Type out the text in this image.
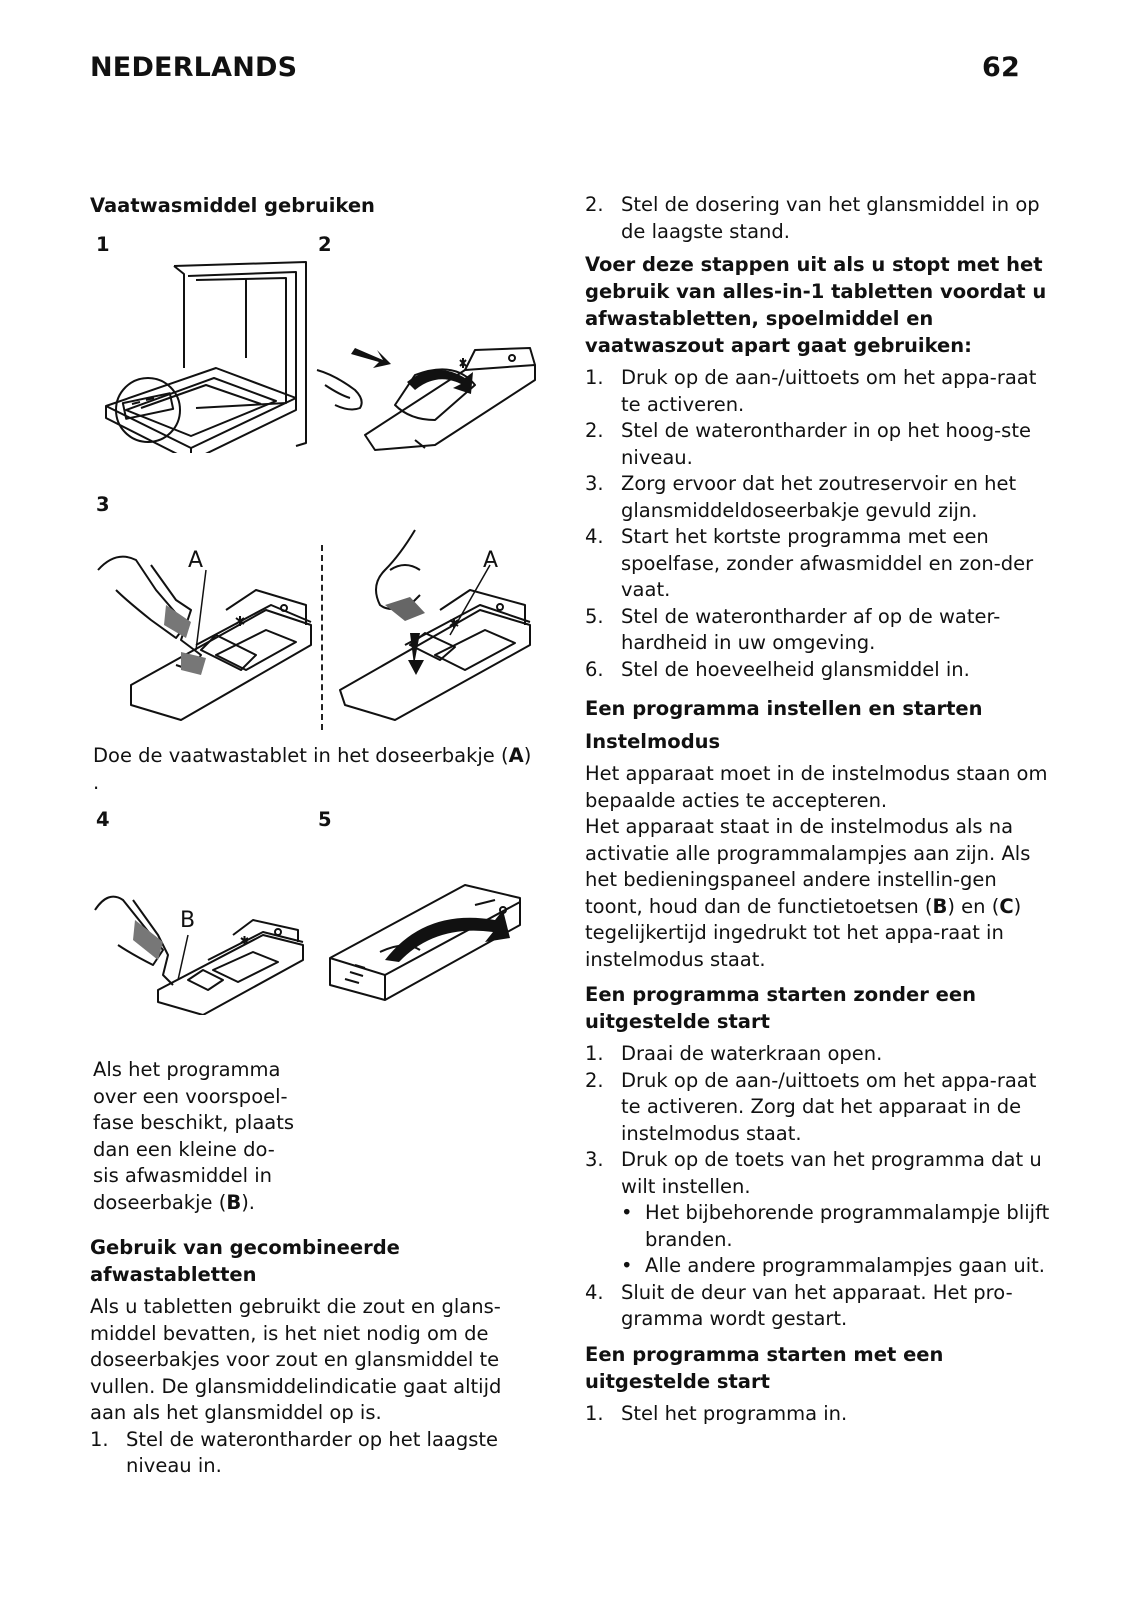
NEDERLANDS	62
Vaatwasmiddel gebruiken
1	2
3
A	A
Doe de vaatwastablet in het doseerbakje (A) .
4	5
B
Als het programma
over een voorspoel-
fase beschikt, plaats
dan een kleine do-
sis afwasmiddel in
doseerbakje (B).
Gebruik van gecombineerde afwastabletten
Als u tabletten gebruikt die zout en glans-middel bevatten, is het niet nodig om de doseerbakjes voor zout en glansmiddel te vullen. De glansmiddelindicatie gaat altijd aan als het glansmiddel op is.
1. Stel de waterontharder op het laagste niveau in.
2. Stel de dosering van het glansmiddel in op de laagste stand.
Voer deze stappen uit als u stopt met het gebruik van alles-in-1 tabletten voordat u afwastabletten, spoelmiddel en vaatwaszout apart gaat gebruiken:
1. Druk op de aan-/uittoets om het appa-raat te activeren.
2. Stel de waterontharder in op het hoog-ste niveau.
3. Zorg ervoor dat het zoutreservoir en het glansmiddeldoseerbakje gevuld zijn.
4. Start het kortste programma met een spoelfase, zonder afwasmiddel en zon-der vaat.
5. Stel de waterontharder af op de water-hardheid in uw omgeving.
6. Stel de hoeveelheid glansmiddel in.
Een programma instellen en starten
Instelmodus
Het apparaat moet in de instelmodus staan om bepaalde acties te accepteren.
Het apparaat staat in de instelmodus als na activatie alle programmalampjes aan zijn. Als het bedieningspaneel andere instellin-gen toont, houd dan de functietoetsen (B) en (C) tegelijkertijd ingedrukt tot het appa-raat in instelmodus staat.
Een programma starten zonder een uitgestelde start
1. Draai de waterkraan open.
2. Druk op de aan-/uittoets om het appa-raat te activeren. Zorg dat het apparaat in de instelmodus staat.
3. Druk op de toets van het programma dat u wilt instellen.
• Het bijbehorende programmalampje blijft branden.
• Alle andere programmalampjes gaan uit.
4. Sluit de deur van het apparaat. Het pro-gramma wordt gestart.
Een programma starten met een uitgestelde start
1. Stel het programma in.
